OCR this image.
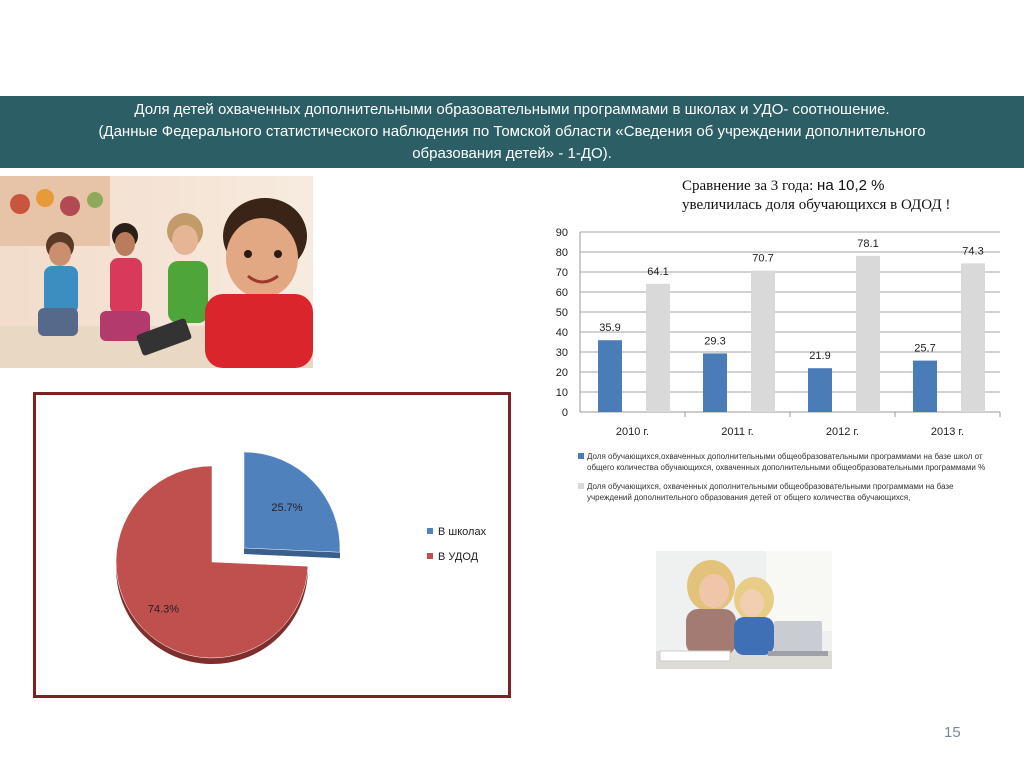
Доля детей охваченных дополнительными образовательными программами в школах и УДО- соотношение.
(Данные Федерального статистического наблюдения по Томской области «Сведения об учреждении дополнительного
образования детей» - 1-ДО).
25.7%
74.3%
В школах
В УДОД
Сравнение за 3 года: на 10,2 % увеличилась доля обучающихся в ОДОД !
0
10
20
30
40
50
60
70
80
90
35.9
64.1
2010 г.
29.3
70.7
2011 г.
21.9
78.1
2012 г.
25.7
74.3
2013 г.
Доля обучающихся,охваченных дополнительными общеобразовательными программами на базе школ от общего количества обучающихся, охваченных дополнительными общеобразовательными программами %
Доля обучающихся, охваченных дополнительными общеобразовательными программами на базе учреждений дополнительного образования детей от общего количества обучающихся,
15
